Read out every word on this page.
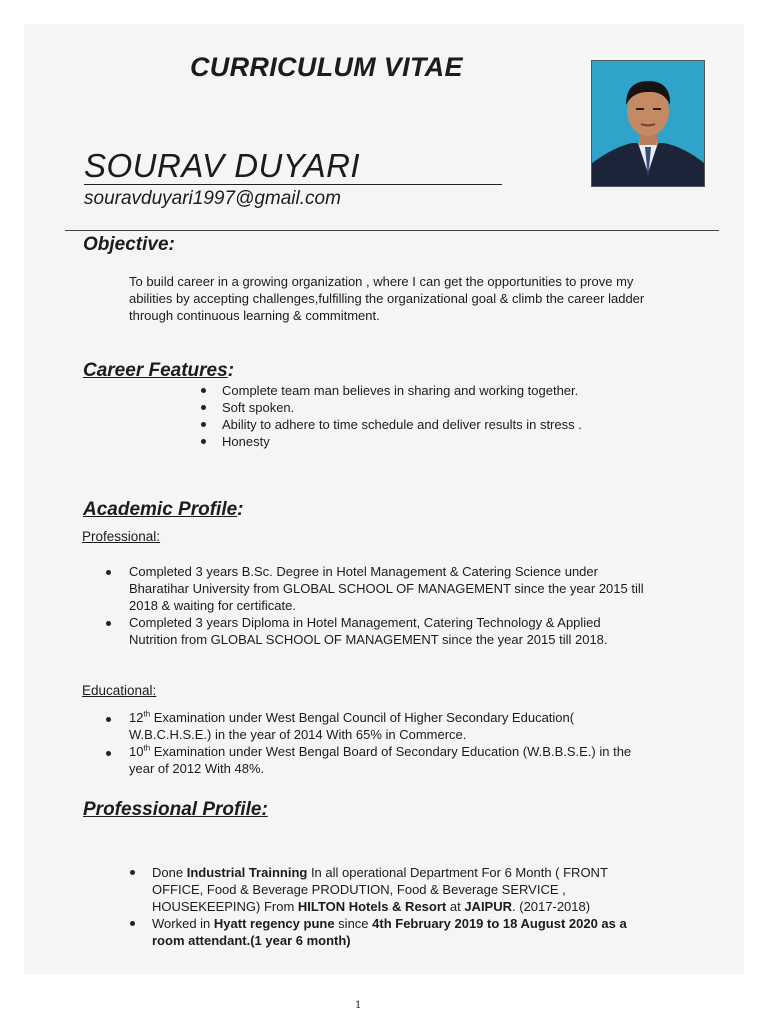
CURRICULUM VITAE
SOURAV DUYARI
souravduyari1997@gmail.com
Objective:
To build career in a growing organization , where I can get the opportunities to prove my abilities by accepting challenges,fulfilling the organizational goal & climb the career ladder through continuous learning & commitment.
Career Features:
Complete team man believes in sharing and working together.
Soft spoken.
Ability to adhere to time schedule and deliver results in stress .
Honesty
Academic Profile:
Professional:
Completed 3 years B.Sc. Degree in Hotel Management & Catering Science under Bharatihar University from GLOBAL SCHOOL OF MANAGEMENT since the year 2015 till 2018 & waiting for certificate.
Completed 3 years Diploma in Hotel Management, Catering Technology & Applied Nutrition from GLOBAL SCHOOL OF MANAGEMENT since the year 2015 till 2018.
Educational:
12th Examination under West Bengal Council of Higher Secondary Education( W.B.C.H.S.E.) in the year of 2014 With 65% in Commerce.
10th Examination under West Bengal Board of Secondary Education (W.B.B.S.E.) in the year of 2012 With 48%.
Professional Profile:
Done Industrial Trainning In all operational Department For 6 Month ( FRONT OFFICE, Food & Beverage PRODUTION, Food & Beverage SERVICE , HOUSEKEEPING) From HILTON Hotels & Resort at JAIPUR. (2017-2018)
Worked in Hyatt regency pune since 4th February 2019 to 18 August 2020 as a room attendant.(1 year 6 month)
1
